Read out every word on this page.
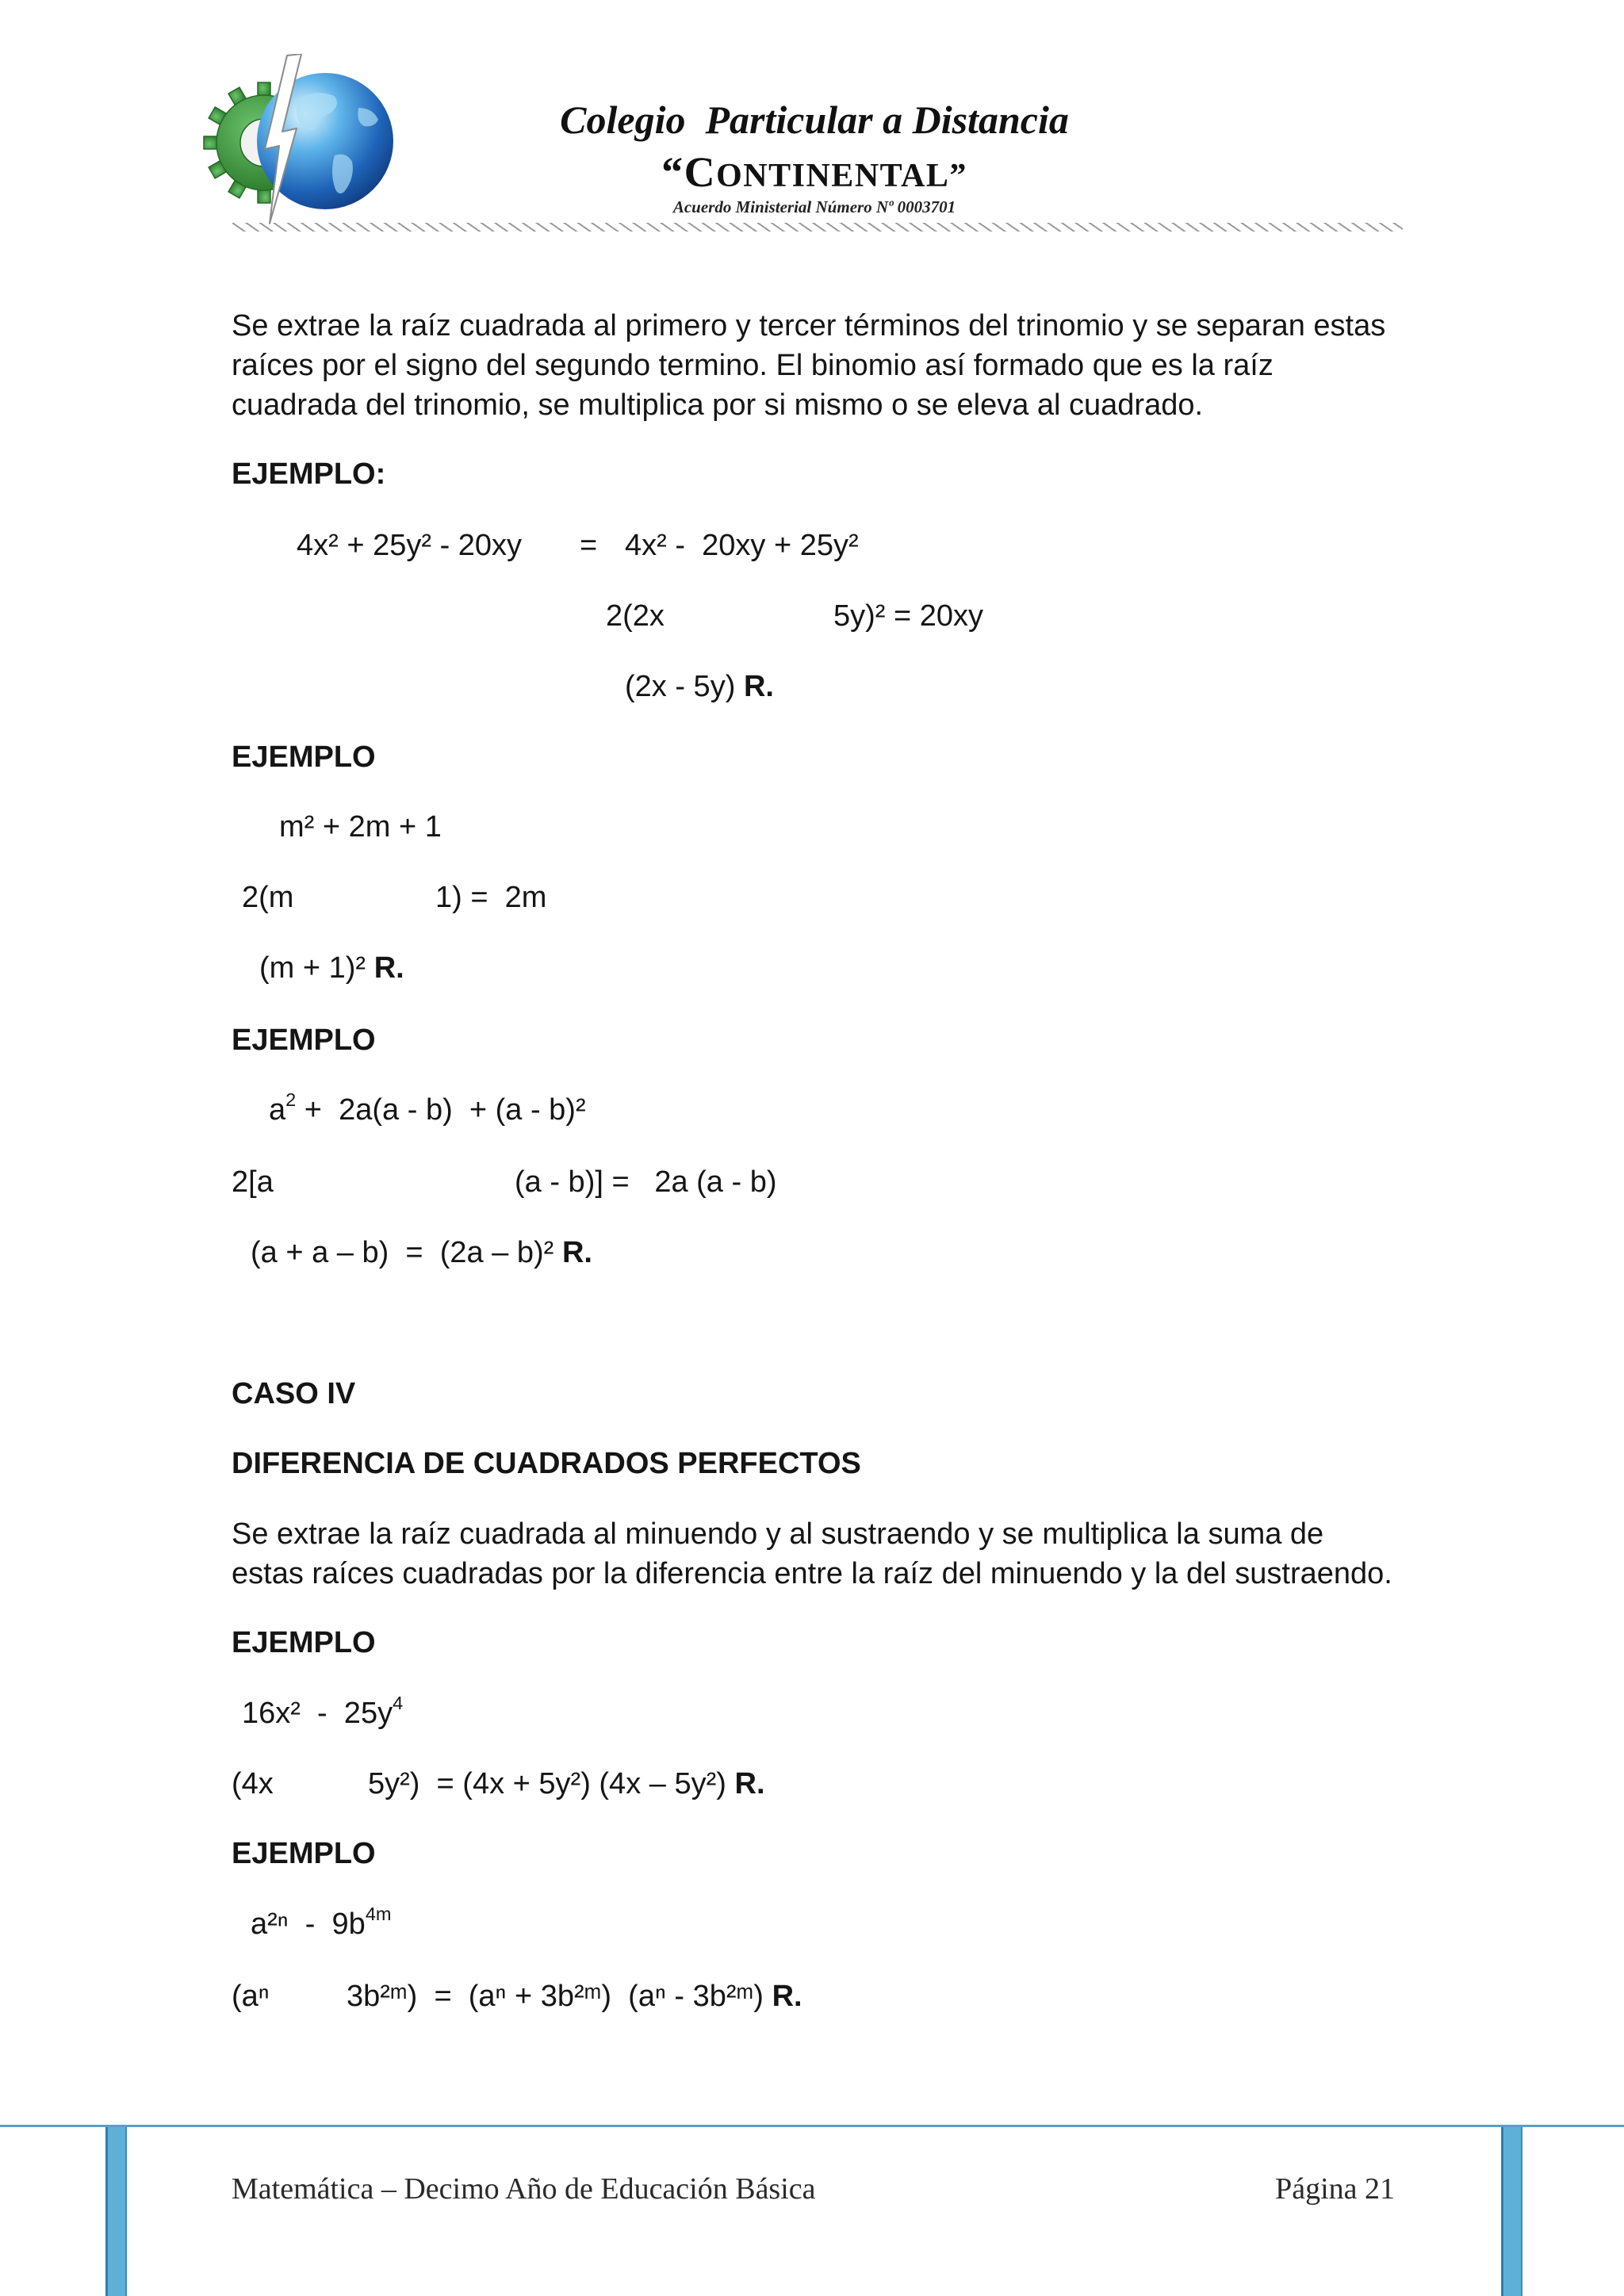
Colegio  Particular a Distancia
“CONTINENTAL”
Acuerdo Ministerial Número Nº 0003701
Se extrae la raíz cuadrada al primero y tercer términos del trinomio y se separan estas
raíces por el signo del segundo termino. El binomio así formado que es la raíz
cuadrada del trinomio, se multiplica por si mismo o se eleva al cuadrado.
EJEMPLO:
4x² + 25y² - 20xy = 4x² -  20xy + 25y²
2(2x	5y)² = 20xy
(2x - 5y) R.
EJEMPLO
m² + 2m + 1
2(m	1) =  2m
(m + 1)² R.
EJEMPLO
$a^2 + 2a(a - b) + (a - b)^2$
2[a	(a - b)] =   2a (a - b)
(a + a – b)  =  (2a – b)² R.
CASO IV
DIFERENCIA DE CUADRADOS PERFECTOS
Se extrae la raíz cuadrada al minuendo y al sustraendo y se multiplica la suma de
estas raíces cuadradas por la diferencia entre la raíz del minuendo y la del sustraendo.
EJEMPLO
$16x^2 - 25y^4$
(4x	5y²)  = (4x + 5y²) (4x – 5y²) R.
EJEMPLO
$a^{2n} - 9b^{4m}$
(aⁿ	3b²ᵐ)  =  (aⁿ + 3b²ᵐ)  (aⁿ - 3b²ᵐ) R.
Matemática – Decimo Año de Educación Básica	Página 21
